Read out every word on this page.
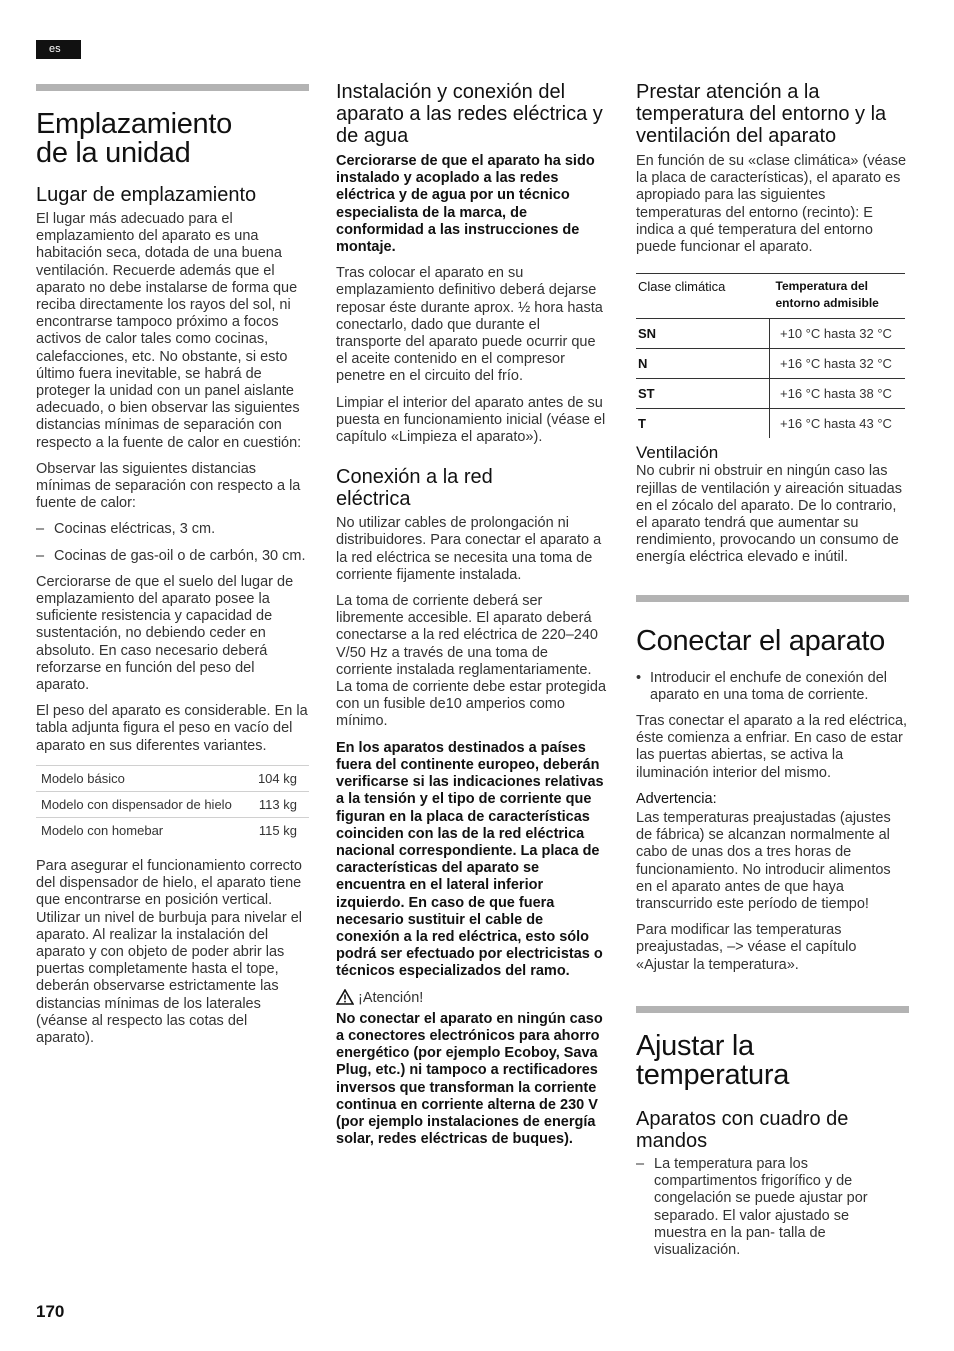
es
Emplazamiento de la unidad
Lugar de emplazamiento

El lugar más adecuado para el emplazamiento del aparato es una habitación seca, dotada de una buena ventilación. Recuerde además que el aparato no debe instalarse de forma que reciba directamente los rayos del sol, ni encontrarse tampoco próximo a focos activos de calor tales como cocinas, calefacciones, etc. No obstante, si esto último fuera inevitable, se habrá de proteger la unidad con un panel aislante adecuado, o bien observar las siguientes distancias mínimas de separación con respecto a la fuente de calor en cuestión:

Observar las siguientes distancias mínimas de separación con respecto a la fuente de calor:

– Cocinas eléctricas, 3 cm.

– Cocinas de gas-oil o de carbón, 30 cm.

Cerciorarse de que el suelo del lugar de emplazamiento del aparato posee la suficiente resistencia y capacidad de sustentación, no debiendo ceder en absoluto. En caso necesario deberá reforzarse en función del peso del aparato.

El peso del aparato es considerable. En la tabla adjunta figura el peso en vacío del aparato en sus diferentes variantes.

Modelo básico	104 kg
Modelo con dispensador de hielo	113 kg
Modelo con homebar	115 kg

Para asegurar el funcionamiento correcto del dispensador de hielo, el aparato tiene que encontrarse en posición vertical. Utilizar un nivel de burbuja para nivelar el aparato. Al realizar la instalación del aparato y con objeto de poder abrir las puertas completamente hasta el tope, deberán observarse estrictamente las distancias mínimas de los laterales (véanse al respecto las cotas del aparato).

Instalación y conexión del aparato a las redes eléctrica y de agua

Cerciorarse de que el aparato ha sido instalado y acoplado a las redes eléctrica y de agua por un técnico especialista de la marca, de conformidad a las instrucciones de montaje.

Tras colocar el aparato en su emplazamiento definitivo deberá dejarse reposar éste durante aprox. ½ hora hasta conectarlo, dado que durante el transporte del aparato puede ocurrir que el aceite contenido en el compresor penetre en el circuito del frío.

Limpiar el interior del aparato antes de su puesta en funcionamiento inicial (véase el capítulo «Limpieza el aparato»).

Conexión a la red eléctrica

No utilizar cables de prolongación ni distribuidores. Para conectar el aparato a la red eléctrica se necesita una toma de corriente fijamente instalada.

La toma de corriente deberá ser libremente accesible. El aparato deberá conectarse a la red eléctrica de 220–240 V/50 Hz a través de una toma de corriente instalada reglamentariamente. La toma de corriente debe estar protegida con un fusible de10 amperios como mínimo.

En los aparatos destinados a países fuera del continente europeo, deberán verificarse si las indicaciones relativas a la tensión y el tipo de corriente que figuran en la placa de características coinciden con las de la red eléctrica nacional correspondiente. La placa de características del aparato se encuentra en el lateral inferior izquierdo. En caso de que fuera necesario sustituir el cable de conexión a la red eléctrica, esto sólo podrá ser efectuado por electricistas o técnicos especializados del ramo.

¡Atención!

No conectar el aparato en ningún caso a conectores electrónicos para ahorro energético (por ejemplo Ecoboy, Sava Plug, etc.) ni tampoco a rectificadores inversos que transforman la corriente continua en corriente alterna de 230 V (por ejemplo instalaciones de energía solar, redes eléctricas de buques).

Prestar atención a la temperatura del entorno y la ventilación del aparato

En función de su «clase climática» (véase la placa de características), el aparato es apropiado para las siguientes temperaturas del entorno (recinto): E indica a qué temperatura del entorno puede funcionar el aparato.

Clase climática	Temperatura del entorno admisible
SN	+10 °C hasta 32 °C
N	+16 °C hasta 32 °C
ST	+16 °C hasta 38 °C
T	+16 °C hasta 43 °C

Ventilación

No cubrir ni obstruir en ningún caso las rejillas de ventilación y aireación situadas en el zócalo del aparato. De lo contrario, el aparato tendrá que aumentar su rendimiento, provocando un consumo de energía eléctrica elevado e inútil.

Conectar el aparato

• Introducir el enchufe de conexión del aparato en una toma de corriente.

Tras conectar el aparato a la red eléctrica, éste comienza a enfriar. En caso de estar las puertas abiertas, se activa la iluminación interior del mismo.

Advertencia:

Las temperaturas preajustadas (ajustes de fábrica) se alcanzan normalmente al cabo de unas dos a tres horas de funcionamiento. No introducir alimentos en el aparato antes de que haya transcurrido este período de tiempo!

Para modificar las temperaturas preajustadas, –> véase el capítulo «Ajustar la temperatura».

Ajustar la temperatura
Aparatos con cuadro de mandos

– La temperatura para los compartimentos frigorífico y de congelación se puede ajustar por separado. El valor ajustado se muestra en la pan- talla de visualización.

170
